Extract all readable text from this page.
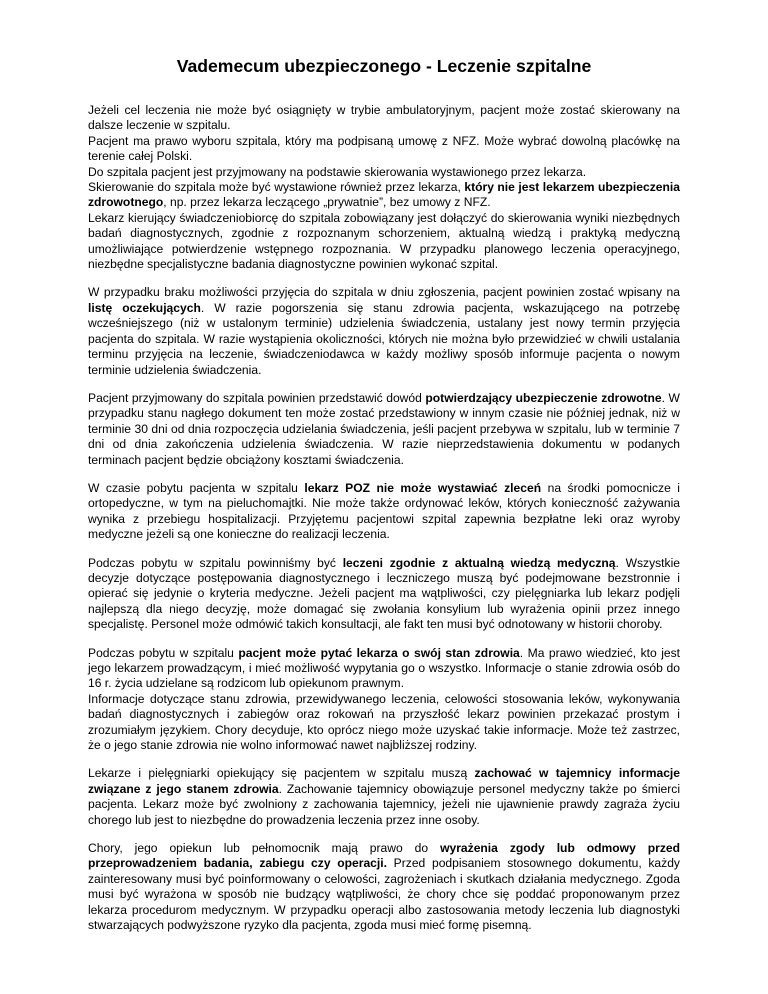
Vademecum ubezpieczonego - Leczenie szpitalne

Jeżeli cel leczenia nie może być osiągnięty w trybie ambulatoryjnym, pacjent może zostać skierowany na dalsze leczenie w szpitalu.
Pacjent ma prawo wyboru szpitala, który ma podpisaną umowę z NFZ. Może wybrać dowolną placówkę na terenie całej Polski.
Do szpitala pacjent jest przyjmowany na podstawie skierowania wystawionego przez lekarza.
Skierowanie do szpitala może być wystawione również przez lekarza, który nie jest lekarzem ubezpieczenia zdrowotnego, np. przez lekarza leczącego „prywatnie”, bez umowy z NFZ.
Lekarz kierujący świadczeniobiorcę do szpitala zobowiązany jest dołączyć do skierowania wyniki niezbędnych badań diagnostycznych, zgodnie z rozpoznanym schorzeniem, aktualną wiedzą i praktyką medyczną umożliwiające potwierdzenie wstępnego rozpoznania. W przypadku planowego leczenia operacyjnego, niezbędne specjalistyczne badania diagnostyczne powinien wykonać szpital.

W przypadku braku możliwości przyjęcia do szpitala w dniu zgłoszenia, pacjent powinien zostać wpisany na listę oczekujących. W razie pogorszenia się stanu zdrowia pacjenta, wskazującego na potrzebę wcześniejszego (niż w ustalonym terminie) udzielenia świadczenia, ustalany jest nowy termin przyjęcia pacjenta do szpitala. W razie wystąpienia okoliczności, których nie można było przewidzieć w chwili ustalania terminu przyjęcia na leczenie, świadczeniodawca w każdy możliwy sposób informuje pacjenta o nowym terminie udzielenia świadczenia.

Pacjent przyjmowany do szpitala powinien przedstawić dowód potwierdzający ubezpieczenie zdrowotne. W przypadku stanu nagłego dokument ten może zostać przedstawiony w innym czasie nie później jednak, niż w terminie 30 dni od dnia rozpoczęcia udzielania świadczenia, jeśli pacjent przebywa w szpitalu, lub w terminie 7 dni od dnia zakończenia udzielenia świadczenia. W razie nieprzedstawienia dokumentu w podanych terminach pacjent będzie obciążony kosztami świadczenia.

W czasie pobytu pacjenta w szpitalu lekarz POZ nie może wystawiać zleceń na środki pomocnicze i ortopedyczne, w tym na pieluchomajtki. Nie może także ordynować leków, których konieczność zażywania wynika z przebiegu hospitalizacji. Przyjętemu pacjentowi szpital zapewnia bezpłatne leki oraz wyroby medyczne jeżeli są one konieczne do realizacji leczenia.

Podczas pobytu w szpitalu powinniśmy być leczeni zgodnie z aktualną wiedzą medyczną. Wszystkie decyzje dotyczące postępowania diagnostycznego i leczniczego muszą być podejmowane bezstronnie i opierać się jedynie o kryteria medyczne. Jeżeli pacjent ma wątpliwości, czy pielęgniarka lub lekarz podjęli najlepszą dla niego decyzję, może domagać się zwołania konsylium lub wyrażenia opinii przez innego specjalistę. Personel może odmówić takich konsultacji, ale fakt ten musi być odnotowany w historii choroby.

Podczas pobytu w szpitalu pacjent może pytać lekarza o swój stan zdrowia. Ma prawo wiedzieć, kto jest jego lekarzem prowadzącym, i mieć możliwość wypytania go o wszystko. Informacje o stanie zdrowia osób do 16 r. życia udzielane są rodzicom lub opiekunom prawnym.
Informacje dotyczące stanu zdrowia, przewidywanego leczenia, celowości stosowania leków, wykonywania badań diagnostycznych i zabiegów oraz rokowań na przyszłość lekarz powinien przekazać prostym i zrozumiałym językiem. Chory decyduje, kto oprócz niego może uzyskać takie informacje. Może też zastrzec, że o jego stanie zdrowia nie wolno informować nawet najbliższej rodziny.

Lekarze i pielęgniarki opiekujący się pacjentem w szpitalu muszą zachować w tajemnicy informacje związane z jego stanem zdrowia. Zachowanie tajemnicy obowiązuje personel medyczny także po śmierci pacjenta. Lekarz może być zwolniony z zachowania tajemnicy, jeżeli nie ujawnienie prawdy zagraża życiu chorego lub jest to niezbędne do prowadzenia leczenia przez inne osoby.

Chory, jego opiekun lub pełnomocnik mają prawo do wyrażenia zgody lub odmowy przed przeprowadzeniem badania, zabiegu czy operacji. Przed podpisaniem stosownego dokumentu, każdy zainteresowany musi być poinformowany o celowości, zagrożeniach i skutkach działania medycznego. Zgoda musi być wyrażona w sposób nie budzący wątpliwości, że chory chce się poddać proponowanym przez lekarza procedurom medycznym. W przypadku operacji albo zastosowania metody leczenia lub diagnostyki stwarzających podwyższone ryzyko dla pacjenta, zgoda musi mieć formę pisemną.
